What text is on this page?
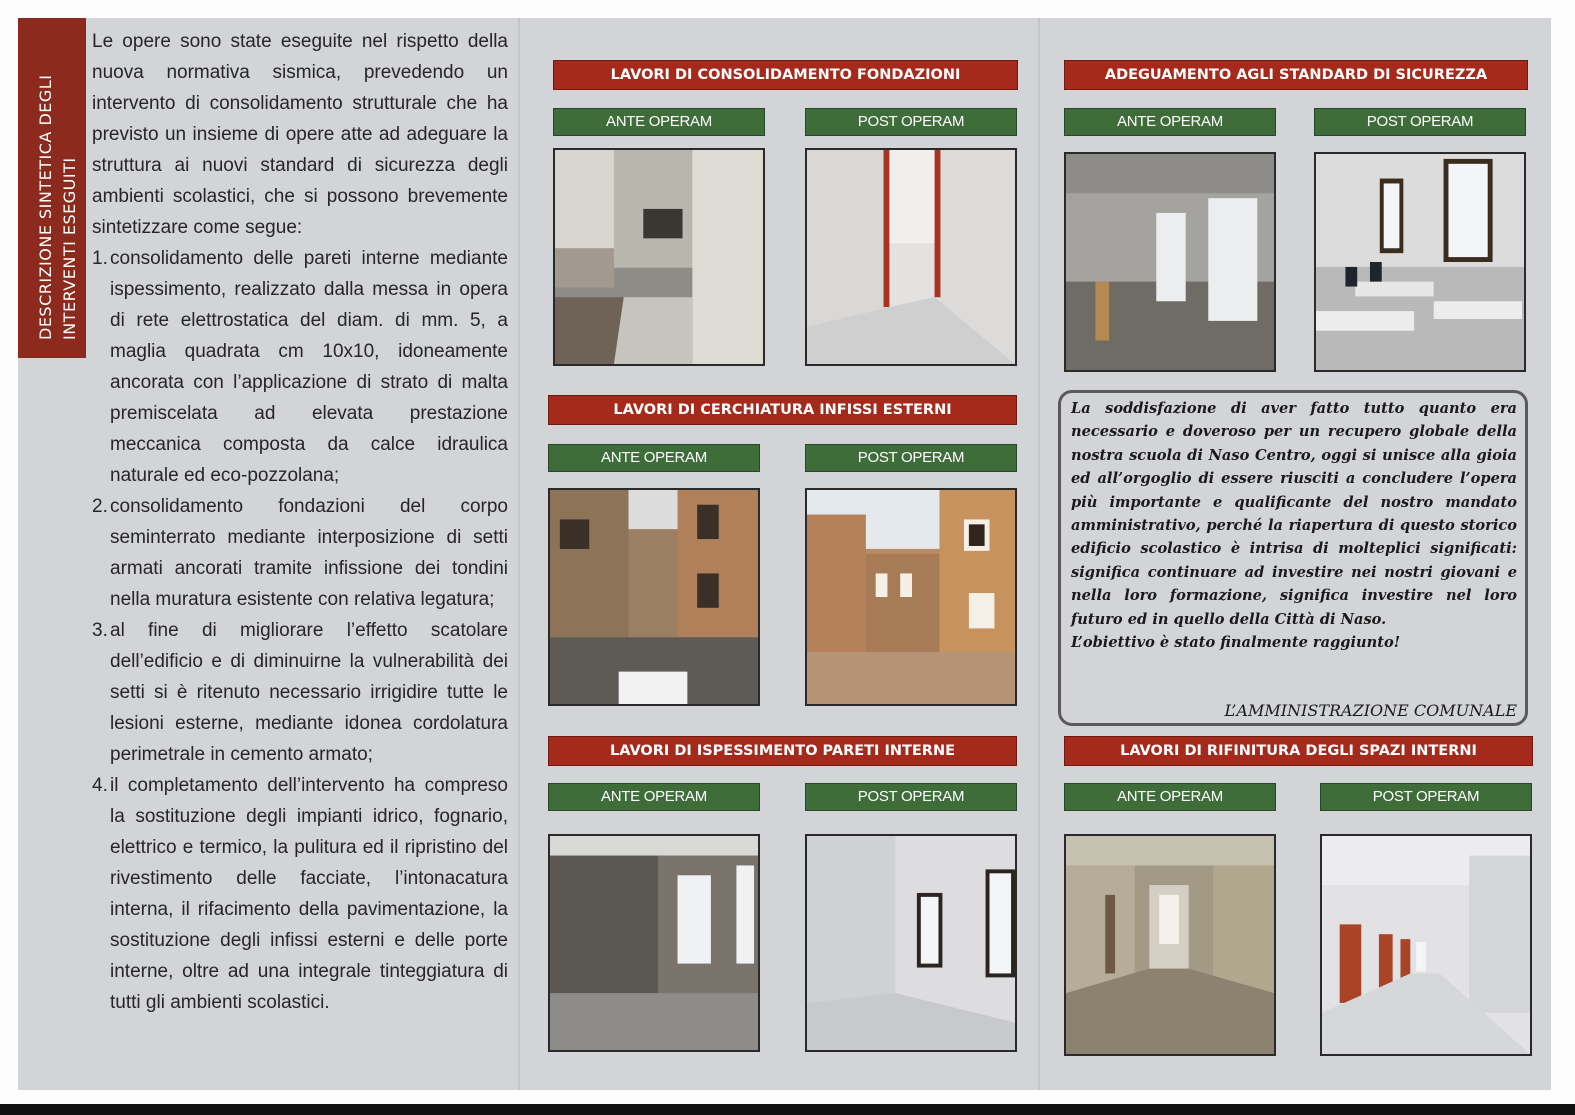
DESCRIZIONE SINTETICA DEGLI INTERVENTI ESEGUITI

Le opere sono state eseguite nel rispetto della nuova normativa sismica, prevedendo un intervento di consolidamento strutturale che ha previsto un insieme di opere atte ad adeguare la struttura ai nuovi standard di sicurezza degli ambienti scolastici, che si possono brevemente sintetizzare come segue:

1. consolidamento delle pareti interne mediante ispessimento, realizzato dalla messa in opera di rete elettrostatica del diam. di mm. 5, a maglia quadrata cm 10x10, idoneamente ancorata con l’applicazione di strato di malta premiscelata ad elevata prestazione meccanica composta da calce idraulica naturale ed eco-pozzolana;
2. consolidamento fondazioni del corpo seminterrato mediante interposizione di setti armati ancorati tramite infissione dei tondini nella muratura esistente con relativa legatura;
3. al fine di migliorare l’effetto scatolare dell’edificio e di diminuirne la vulnerabilità dei setti si è ritenuto necessario irrigidire tutte le lesioni esterne, mediante idonea cordolatura perimetrale in cemento armato;
4. il completamento dell’intervento ha compreso la sostituzione degli impianti idrico, fognario, elettrico e termico, la pulitura ed il ripristino del rivestimento delle facciate, l’intonacatura interna, il rifacimento della pavimentazione, la sostituzione degli infissi esterni e delle porte interne, oltre ad una integrale tinteggiatura di tutti gli ambienti scolastici.
LAVORI DI CONSOLIDAMENTO FONDAZIONI
ANTE OPERAM	POST OPERAM
ADEGUAMENTO AGLI STANDARD DI SICUREZZA
ANTE OPERAM	POST OPERAM
LAVORI DI CERCHIATURA INFISSI ESTERNI
ANTE OPERAM	POST OPERAM

La soddisfazione di aver fatto tutto quanto era necessario e doveroso per un recupero globale della nostra scuola di Naso Centro, oggi si unisce alla gioia ed all’orgoglio di essere riusciti a concludere l’opera più importante e qualificante del nostro mandato amministrativo, perché la riapertura di questo storico edificio scolastico è intrisa di molteplici significati: significa continuare ad investire nei nostri giovani e nella loro formazione, significa investire nel loro futuro ed in quello della Città di Naso.

L’obiettivo è stato finalmente raggiunto!

L’AMMINISTRAZIONE COMUNALE
LAVORI DI ISPESSIMENTO PARETI INTERNE
ANTE OPERAM	POST OPERAM
LAVORI DI RIFINITURA DEGLI SPAZI INTERNI
ANTE OPERAM	POST OPERAM
